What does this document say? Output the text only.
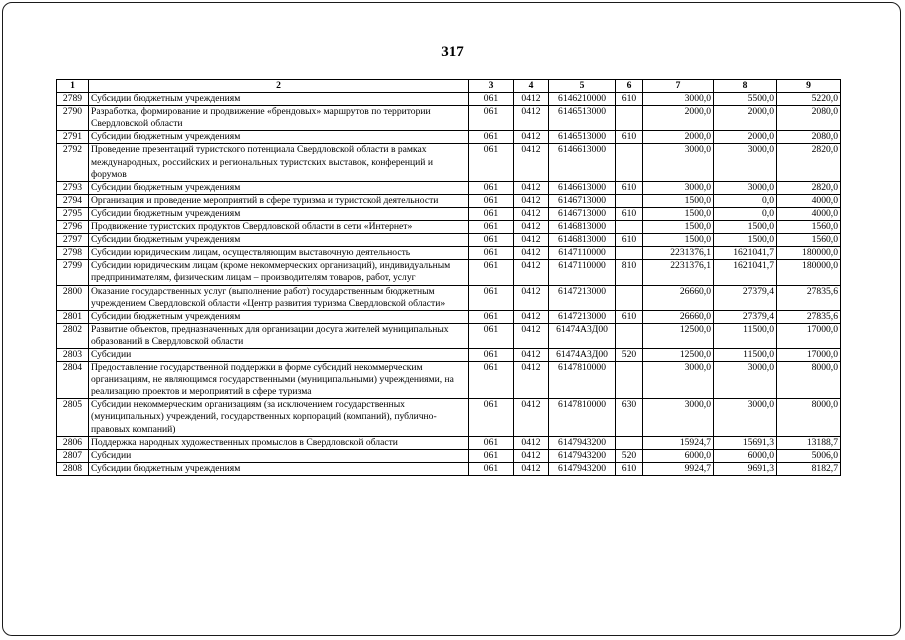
317
1	2	3	4	5	6	7	8	9
2789	Субсидии бюджетным учреждениям	061	0412	6146210000	610	3000,0	5500,0	5220,0
2790	Разработка, формирование и продвижение «брендовых» маршрутов по территории Свердловской области	061	0412	6146513000		2000,0	2000,0	2080,0
2791	Субсидии бюджетным учреждениям	061	0412	6146513000	610	2000,0	2000,0	2080,0
2792	Проведение презентаций туристского потенциала Свердловской области в рамках международных, российских и региональных туристских выставок, конференций и форумов	061	0412	6146613000		3000,0	3000,0	2820,0
2793	Субсидии бюджетным учреждениям	061	0412	6146613000	610	3000,0	3000,0	2820,0
2794	Организация и проведение мероприятий в сфере туризма и туристской деятельности	061	0412	6146713000		1500,0	0,0	4000,0
2795	Субсидии бюджетным учреждениям	061	0412	6146713000	610	1500,0	0,0	4000,0
2796	Продвижение туристских продуктов Свердловской области в сети «Интернет»	061	0412	6146813000		1500,0	1500,0	1560,0
2797	Субсидии бюджетным учреждениям	061	0412	6146813000	610	1500,0	1500,0	1560,0
2798	Субсидии юридическим лицам, осуществляющим выставочную деятельность	061	0412	6147110000		2231376,1	1621041,7	180000,0
2799	Субсидии юридическим лицам (кроме некоммерческих организаций), индивидуальным предпринимателям, физическим лицам – производителям товаров, работ, услуг	061	0412	6147110000	810	2231376,1	1621041,7	180000,0
2800	Оказание государственных услуг (выполнение работ) государственным бюджетным учреждением Свердловской области «Центр развития туризма Свердловской области»	061	0412	6147213000		26660,0	27379,4	27835,6
2801	Субсидии бюджетным учреждениям	061	0412	6147213000	610	26660,0	27379,4	27835,6
2802	Развитие объектов, предназначенных для организации досуга жителей муниципальных образований в Свердловской области	061	0412	61474А3Д00		12500,0	11500,0	17000,0
2803	Субсидии	061	0412	61474А3Д00	520	12500,0	11500,0	17000,0
2804	Предоставление государственной поддержки в форме субсидий некоммерческим организациям, не являющимся государственными (муниципальными) учреждениями, на реализацию проектов и мероприятий в сфере туризма	061	0412	6147810000		3000,0	3000,0	8000,0
2805	Субсидии некоммерческим организациям (за исключением государственных (муниципальных) учреждений, государственных корпораций (компаний), публично-правовых компаний)	061	0412	6147810000	630	3000,0	3000,0	8000,0
2806	Поддержка народных художественных промыслов в Свердловской области	061	0412	6147943200		15924,7	15691,3	13188,7
2807	Субсидии	061	0412	6147943200	520	6000,0	6000,0	5006,0
2808	Субсидии бюджетным учреждениям	061	0412	6147943200	610	9924,7	9691,3	8182,7
